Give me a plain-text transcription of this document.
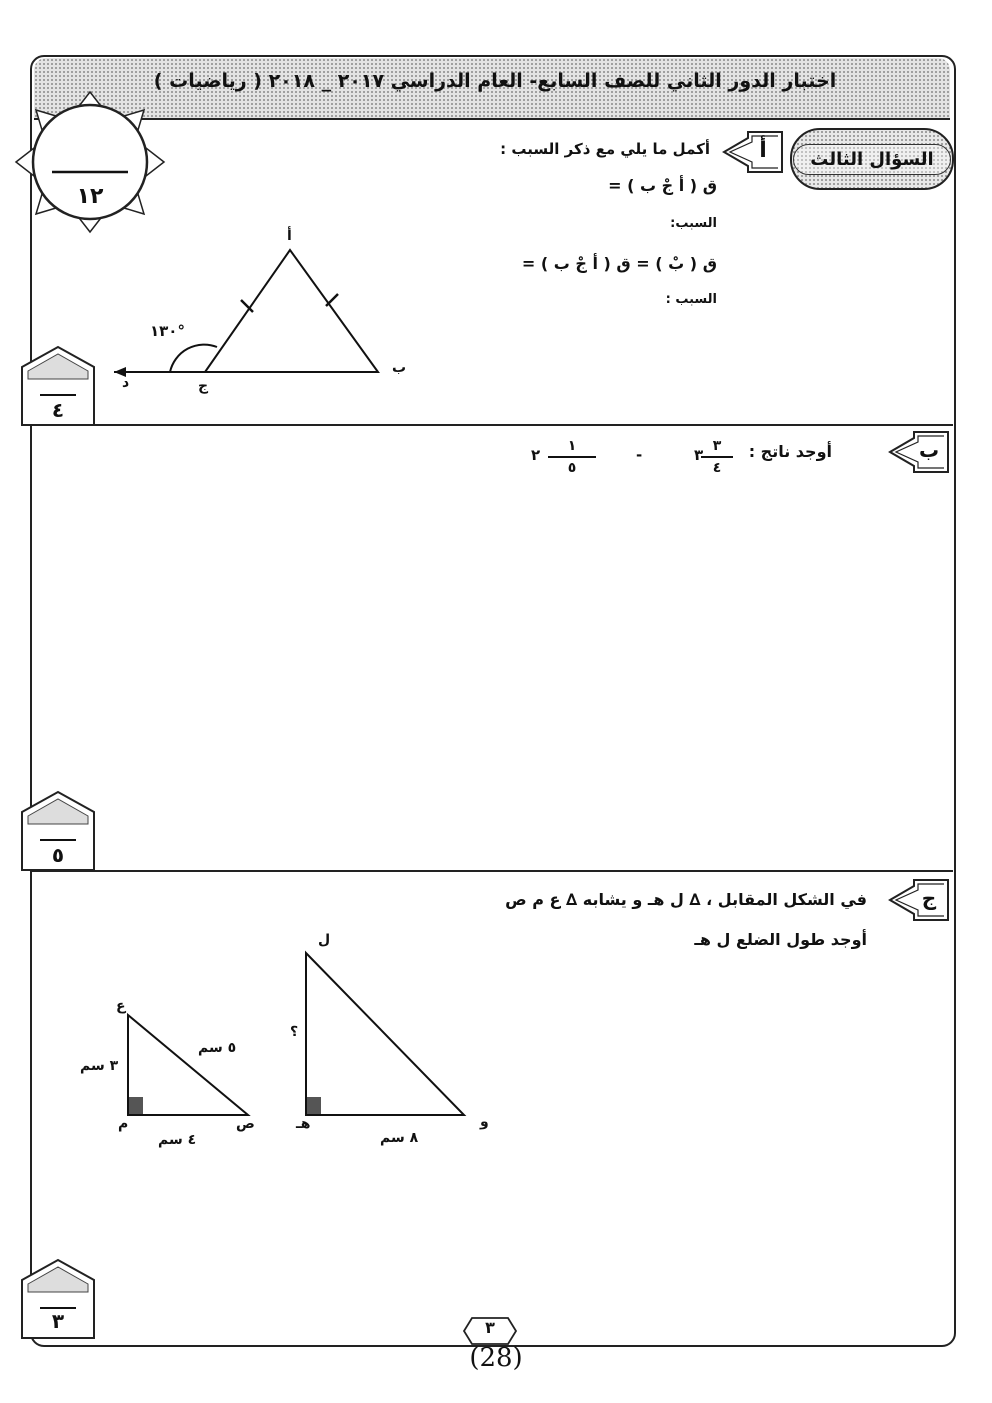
اختبار الدور الثاني للصف السابع- العام الدراسي ٢٠١٧ _ ٢٠١٨ ( رياضيات )
١٢
السؤال الثالث
أ
أكمل ما يلي مع ذكر السبب :
ق ( أ جْ ب ) =
السبب:
ق ( بْ ) = ق ( أ جْ ب ) =
السبب :
أ
ب
ج
د
١٣٠°
٤
ب
أوجد ناتج :
٣ ٣
٤
-
٢	١
٥
٥
ج
في الشكل المقابل ، ∆ ل هـ و يشابه ∆ ع م ص
أوجد طول الضلع ل هـ
ع
م	ص
٣ سم
٥ سم
٤ سم
ل
هـ	و
؟
٨ سم
٣	٣
(28)
